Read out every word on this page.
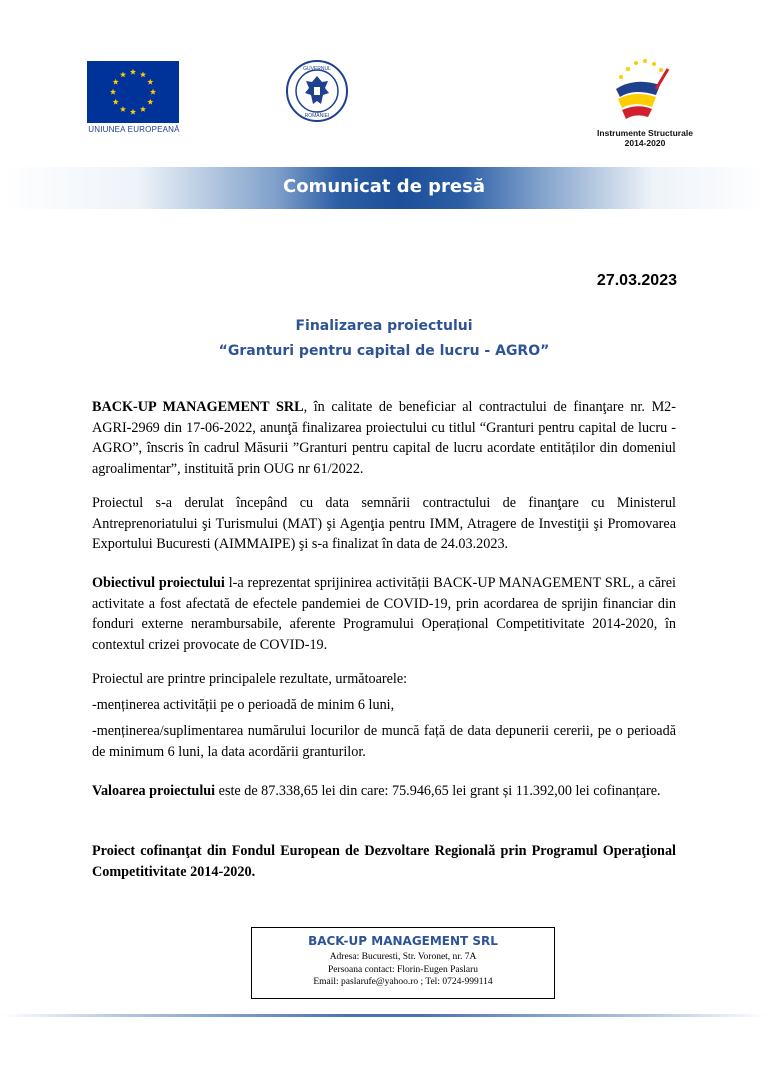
UNIUNEA EUROPEANĂ
GUVERNUL
ROMÂNIEI
Instrumente Structurale
2014-2020
Comunicat de presă
27.03.2023
Finalizarea proiectului
“Granturi pentru capital de lucru - AGRO”
BACK-UP MANAGEMENT SRL, în calitate de beneficiar al contractului de finanţare nr. M2-AGRI-2969 din 17-06-2022, anunţă finalizarea proiectului cu titlul “Granturi pentru capital de lucru - AGRO”, înscris în cadrul Măsurii ”Granturi pentru capital de lucru acordate entităților din domeniul agroalimentar”, instituită prin OUG nr 61/2022.
Proiectul s-a derulat începând cu data semnării contractului de finanţare cu Ministerul Antreprenoriatului şi Turismului (MAT) şi Agenţia pentru IMM, Atragere de Investiţii şi Promovarea Exportului Bucuresti (AIMMAIPE) şi s-a finalizat în data de 24.03.2023.
Obiectivul proiectului l-a reprezentat sprijinirea activității BACK-UP MANAGEMENT SRL, a cărei activitate a fost afectată de efectele pandemiei de COVID-19, prin acordarea de sprijin financiar din fonduri externe nerambursabile, aferente Programului Operațional Competitivitate 2014-2020, în contextul crizei provocate de COVID-19.
Proiectul are printre principalele rezultate, următoarele:
-menținerea activității pe o perioadă de minim 6 luni,
-menținerea/suplimentarea numărului locurilor de muncă față de data depunerii cererii, pe o perioadă de minimum 6 luni, la data acordării granturilor.
Valoarea proiectului este de 87.338,65 lei din care: 75.946,65 lei grant și 11.392,00 lei cofinanțare.
Proiect cofinanţat din Fondul European de Dezvoltare Regională prin Programul Operaţional Competitivitate 2014-2020.
BACK-UP MANAGEMENT SRL
Adresa: Bucuresti, Str. Voronet, nr. 7A
Persoana contact: Florin-Eugen Paslaru
Email: paslarufe@yahoo.ro ; Tel: 0724-999114
